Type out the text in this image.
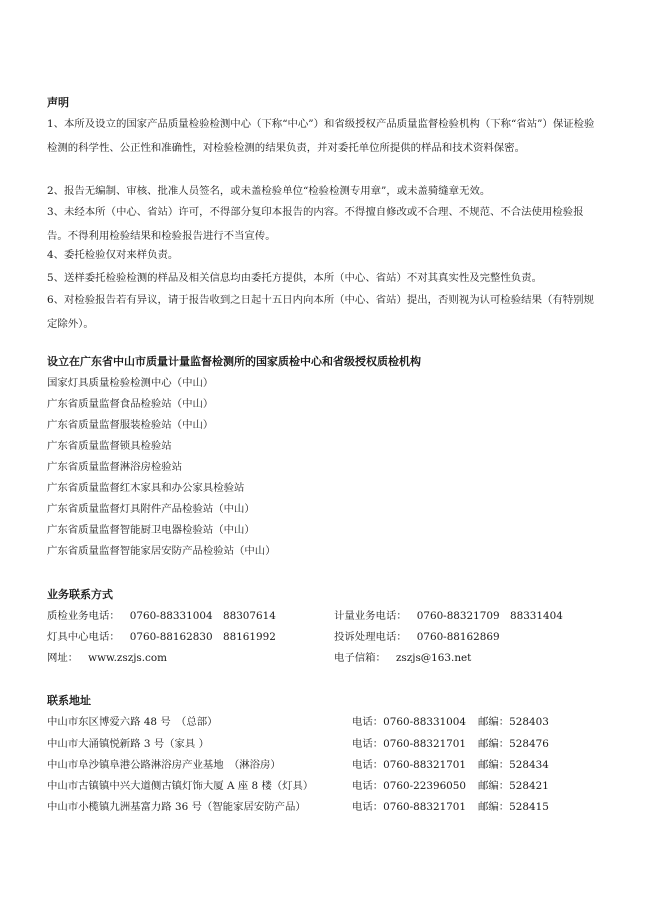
声明
1、本所及设立的国家产品质量检验检测中心（下称“中心”）和省级授权产品质量监督检验机构（下称“省站”）保证检验检测的科学性、公正性和准确性，对检验检测的结果负责，并对委托单位所提供的样品和技术资料保密。
2、报告无编制、审核、批准人员签名，或未盖检验单位“检验检测专用章”，或未盖骑缝章无效。
3、未经本所（中心、省站）许可，不得部分复印本报告的内容。不得擅自修改或不合理、不规范、不合法使用检验报告。不得利用检验结果和检验报告进行不当宣传。
4、委托检验仅对来样负责。
5、送样委托检验检测的样品及相关信息均由委托方提供，本所（中心、省站）不对其真实性及完整性负责。
6、对检验报告若有异议，请于报告收到之日起十五日内向本所（中心、省站）提出，否则视为认可检验结果（有特别规定除外）。
设立在广东省中山市质量计量监督检测所的国家质检中心和省级授权质检机构
国家灯具质量检验检测中心（中山）
广东省质量监督食品检验站（中山）
广东省质量监督服装检验站（中山）
广东省质量监督锁具检验站
广东省质量监督淋浴房检验站
广东省质量监督红木家具和办公家具检验站
广东省质量监督灯具附件产品检验站（中山）
广东省质量监督智能厨卫电器检验站（中山）
广东省质量监督智能家居安防产品检验站（中山）
业务联系方式
质检业务电话： 0760-88331004　88307614	计量业务电话： 0760-88321709　88331404
灯具中心电话： 0760-88162830　88161992	投诉处理电话： 0760-88162869
网址： www.zszjs.com	电子信箱： zszjs@163.net
联系地址
中山市东区博爱六路 48 号　（总部）	电话：0760-88331004 邮编：528403
中山市大涌镇悦新路 3 号（家具 ）	电话：0760-88321701 邮编：528476
中山市阜沙镇阜港公路淋浴房产业基地　（淋浴房）	电话：0760-88321701 邮编：528434
中山市古镇镇中兴大道侧古镇灯饰大厦 A 座 8 楼（灯具）	电话：0760-22396050 邮编：528421
中山市小榄镇九洲基富力路 36 号（智能家居安防产品）	电话：0760-88321701 邮编：528415
